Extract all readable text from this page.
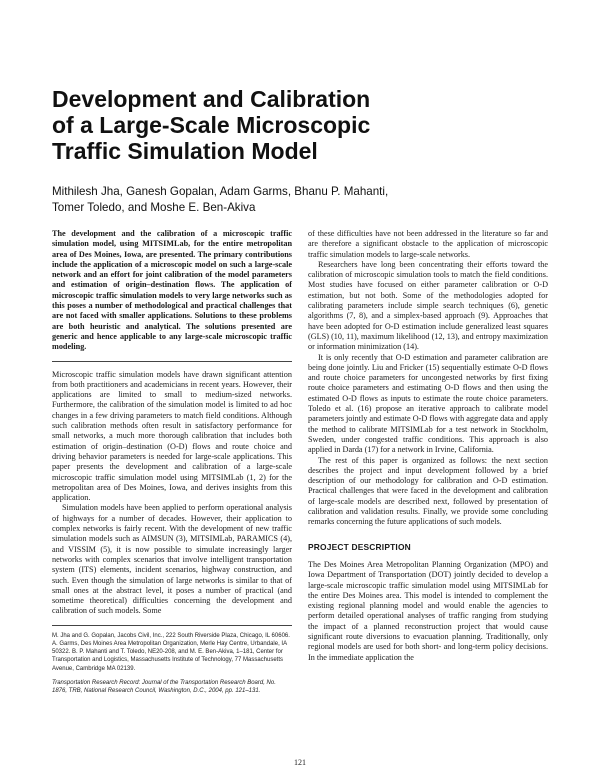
Development and Calibration
of a Large-Scale Microscopic
Traffic Simulation Model
Mithilesh Jha, Ganesh Gopalan, Adam Garms, Bhanu P. Mahanti,
Tomer Toledo, and Moshe E. Ben-Akiva

The development and the calibration of a microscopic traffic simulation model, using MITSIMLab, for the entire metropolitan area of Des Moines, Iowa, are presented. The primary contributions include the application of a microscopic model on such a large-scale network and an effort for joint calibration of the model parameters and estimation of origin–destination flows. The application of microscopic traffic simulation models to very large networks such as this poses a number of methodological and practical challenges that are not faced with smaller applications. Solutions to these problems are both heuristic and analytical. The solutions presented are generic and hence applicable to any large-scale microscopic traffic modeling.

Microscopic traffic simulation models have drawn significant attention from both practitioners and academicians in recent years. However, their applications are limited to small to medium-sized networks. Furthermore, the calibration of the simulation model is limited to ad hoc changes in a few driving parameters to match field conditions. Although such calibration methods often result in satisfactory performance for small networks, a much more thorough calibration that includes both estimation of origin–destination (O-D) flows and route choice and driving behavior parameters is needed for large-scale applications. This paper presents the development and calibration of a large-scale microscopic traffic simulation model using MITSIMLab (1, 2) for the metropolitan area of Des Moines, Iowa, and derives insights from this application.

Simulation models have been applied to perform operational analysis of highways for a number of decades. However, their application to complex networks is fairly recent. With the development of new traffic simulation models such as AIMSUN (3), MITSIMLab, PARAMICS (4), and VISSIM (5), it is now possible to simulate increasingly larger networks with complex scenarios that involve intelligent transportation system (ITS) elements, incident scenarios, highway construction, and such. Even though the simulation of large networks is similar to that of small ones at the abstract level, it poses a number of practical (and sometime theoretical) difficulties concerning the development and calibration of such models. Some

M. Jha and G. Gopalan, Jacobs Civil, Inc., 222 South Riverside Plaza, Chicago, IL 60606. A. Garms, Des Moines Area Metropolitan Organization, Merle Hay Centre, Urbandale, IA 50322. B. P. Mahanti and T. Toledo, NE20-208, and M. E. Ben-Akiva, 1–181, Center for Transportation and Logistics, Massachusetts Institute of Technology, 77 Massachusetts Avenue, Cambridge MA 02139.

Transportation Research Record: Journal of the Transportation Research Board, No. 1876, TRB, National Research Council, Washington, D.C., 2004, pp. 121–131.

of these difficulties have not been addressed in the literature so far and are therefore a significant obstacle to the application of microscopic traffic simulation models to large-scale networks.

Researchers have long been concentrating their efforts toward the calibration of microscopic simulation tools to match the field conditions. Most studies have focused on either parameter calibration or O-D estimation, but not both. Some of the methodologies adopted for calibrating parameters include simple search techniques (6), genetic algorithms (7, 8), and a simplex-based approach (9). Approaches that have been adopted for O-D estimation include generalized least squares (GLS) (10, 11), maximum likelihood (12, 13), and entropy maximization or information minimization (14).

It is only recently that O-D estimation and parameter calibration are being done jointly. Liu and Fricker (15) sequentially estimate O-D flows and route choice parameters for uncongested networks by first fixing route choice parameters and estimating O-D flows and then using the estimated O-D flows as inputs to estimate the route choice parameters. Toledo et al. (16) propose an iterative approach to calibrate model parameters jointly and estimate O-D flows with aggregate data and apply the method to calibrate MITSIMLab for a test network in Stockholm, Sweden, under congested traffic conditions. This approach is also applied in Darda (17) for a network in Irvine, California.

The rest of this paper is organized as follows: the next section describes the project and input development followed by a brief description of our methodology for calibration and O-D estimation. Practical challenges that were faced in the development and calibration of large-scale models are described next, followed by presentation of calibration and validation results. Finally, we provide some concluding remarks concerning the future applications of such models.

PROJECT DESCRIPTION

The Des Moines Area Metropolitan Planning Organization (MPO) and Iowa Department of Transportation (DOT) jointly decided to develop a large-scale microscopic traffic simulation model using MITSIMLab for the entire Des Moines area. This model is intended to complement the existing regional planning model and would enable the agencies to perform detailed operational analyses of traffic ranging from studying the impact of a planned reconstruction project that would cause significant route diversions to evacuation planning. Traditionally, only regional models are used for both short- and long-term policy decisions. In the immediate application the

121
